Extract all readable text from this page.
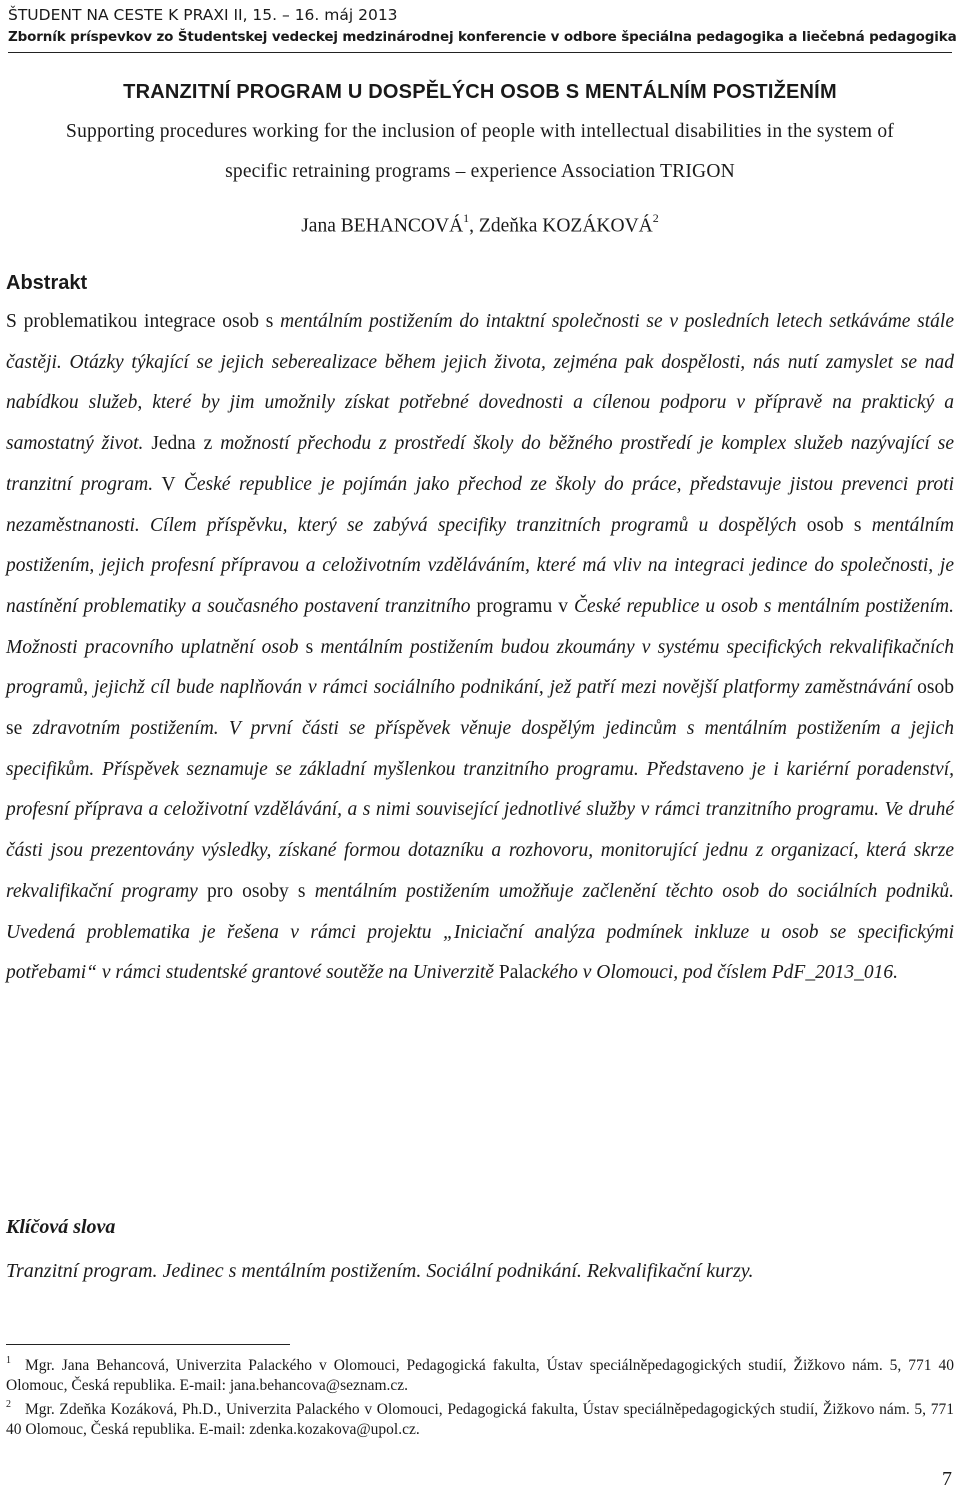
ŠTUDENT NA CESTE K PRAXI II, 15. – 16. máj 2013
Zborník príspevkov zo Študentskej vedeckej medzinárodnej konferencie v odbore špeciálna pedagogika a liečebná pedagogika
TRANZITNÍ PROGRAM U DOSPĚLÝCH OSOB S MENTÁLNÍM POSTIŽENÍM
Supporting procedures working for the inclusion of people with intellectual disabilities in the system of specific retraining programs – experience Association TRIGON
Jana BEHANCOVÁ$^1$, Zdeňka KOZÁKOVÁ$^2$
Abstrakt
S problematikou integrace osob s mentálním postižením do intaktní společnosti se v posledních letech setkáváme stále častěji. Otázky týkající se jejich seberealizace během jejich života, zejména pak dospělosti, nás nutí zamyslet se nad nabídkou služeb, které by jim umožnily získat potřebné dovednosti a cílenou podporu v přípravě na praktický a samostatný život. Jedna z možností přechodu z prostředí školy do běžného prostředí je komplex služeb nazývající se tranzitní program. V České republice je pojímán jako přechod ze školy do práce, představuje jistou prevenci proti nezaměstnanosti. Cílem příspěvku, který se zabývá specifiky tranzitních programů u dospělých osob s mentálním postižením, jejich profesní přípravou a celoživotním vzděláváním, které má vliv na integraci jedince do společnosti, je nastínění problematiky a současného postavení tranzitního programu v České republice u osob s mentálním postižením. Možnosti pracovního uplatnění osob s mentálním postižením budou zkoumány v systému specifických rekvalifikačních programů, jejichž cíl bude naplňován v rámci sociálního podnikání, jež patří mezi novější platformy zaměstnávání osob se zdravotním postižením. V první části se příspěvek věnuje dospělým jedincům s mentálním postižením a jejich specifikům. Příspěvek seznamuje se základní myšlenkou tranzitního programu. Představeno je i kariérní poradenství, profesní příprava a celoživotní vzdělávání, a s nimi související jednotlivé služby v rámci tranzitního programu. Ve druhé části jsou prezentovány výsledky, získané formou dotazníku a rozhovoru, monitorující jednu z organizací, která skrze rekvalifikační programy pro osoby s mentálním postižením umožňuje začlenění těchto osob do sociálních podniků. Uvedená problematika je řešena v rámci projektu „Iniciační analýza podmínek inkluze u osob se specifickými potřebami“ v rámci studentské grantové soutěže na Univerzitě Palackého v Olomouci, pod číslem PdF_2013_016.
Klíčová slova
Tranzitní program. Jedinec s mentálním postižením. Sociální podnikání. Rekvalifikační kurzy.

$^1$ Mgr. Jana Behancová, Univerzita Palackého v Olomouci, Pedagogická fakulta, Ústav speciálněpedagogických studií, Žižkovo nám. 5, 771 40 Olomouc, Česká republika. E-mail: jana.behancova@seznam.cz.

$^2$ Mgr. Zdeňka Kozáková, Ph.D., Univerzita Palackého v Olomouci, Pedagogická fakulta, Ústav speciálněpedagogických studií, Žižkovo nám. 5, 771 40 Olomouc, Česká republika. E-mail: zdenka.kozakova@upol.cz.

7
